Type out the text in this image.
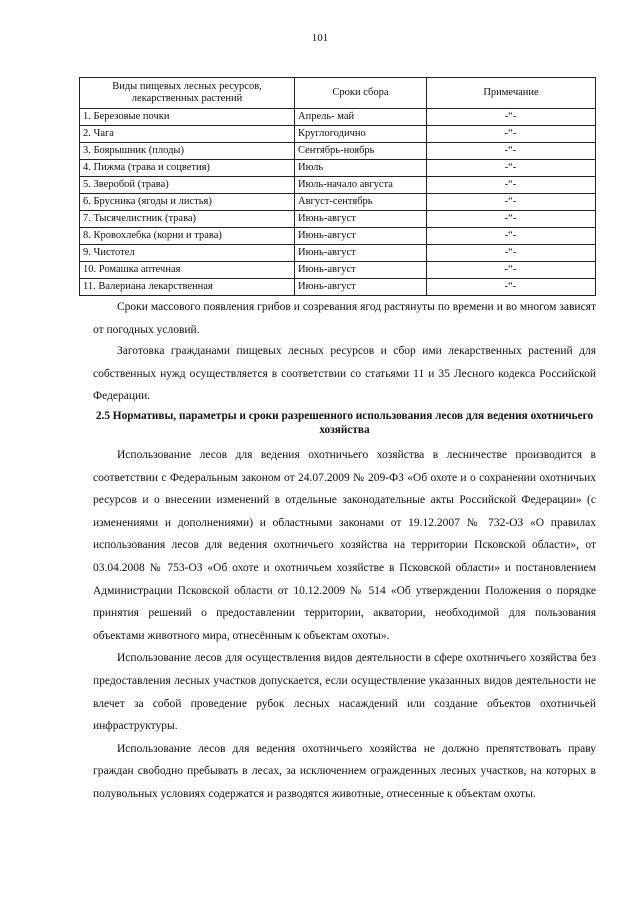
101
Виды пищевых лесных ресурсов, лекарственных растений	Сроки сбора	Примечание
1. Березовые почки	Апрель- май	-“-
2. Чага	Круглогодично	-“-
3. Боярышник (плоды)	Сентябрь-ноябрь	-“-
4. Пижма (трава и соцветия)	Июль	-“-
5. Зверобой (трава)	Июль-начало августа	-“-
6. Брусника (ягоды и листья)	Август-сентябрь	-“-
7. Тысячелистник (трава)	Июнь-август	-“-
8. Кровохлебка (корни и трава)	Июнь-август	-“-
9. Чистотел	Июнь-август	-“-
10. Ромашка аптечная	Июнь-август	-“-
11. Валериана лекарственная	Июнь-август	-“-

Сроки массового появления грибов и созревания ягод растянуты по времени и во многом зависят от погодных условий.

Заготовка гражданами пищевых лесных ресурсов и сбор ими лекарственных растений для собственных нужд осуществляется в соответствии со статьями 11 и 35 Лесного кодекса Российской Федерации.

2.5 Нормативы, параметры и сроки разрешенного использования лесов для ведения охотничьего хозяйства

Использование лесов для ведения охотничьего хозяйства в лесничестве производится в соответствии с Федеральным законом от 24.07.2009 № 209-ФЗ «Об охоте и о сохранении охотничьих ресурсов и о внесении изменений в отдельные законодательные акты Российской Федерации» (с изменениями и дополнениями) и областными законами от 19.12.2007 № 732-ОЗ «О правилах использования лесов для ведения охотничьего хозяйства на территории Псковской области», от 03.04.2008 № 753-ОЗ «Об охоте и охотничьем хозяйстве в Псковской области» и постановлением Администрации Псковской области от 10.12.2009 № 514 «Об утверждении Положения о порядке принятия решений о предоставлении территории, акватории, необходимой для пользования объектами животного мира, отнесённым к объектам охоты».

Использование лесов для осуществления видов деятельности в сфере охотничьего хозяйства без предоставления лесных участков допускается, если осуществление указанных видов деятельности не влечет за собой проведение рубок лесных насаждений или создание объектов охотничьей инфраструктуры.

Использование лесов для ведения охотничьего хозяйства не должно препятствовать праву граждан свободно пребывать в лесах, за исключением огражденных лесных участков, на которых в полувольных условиях содержатся и разводятся животные, отнесенные к объектам охоты.
